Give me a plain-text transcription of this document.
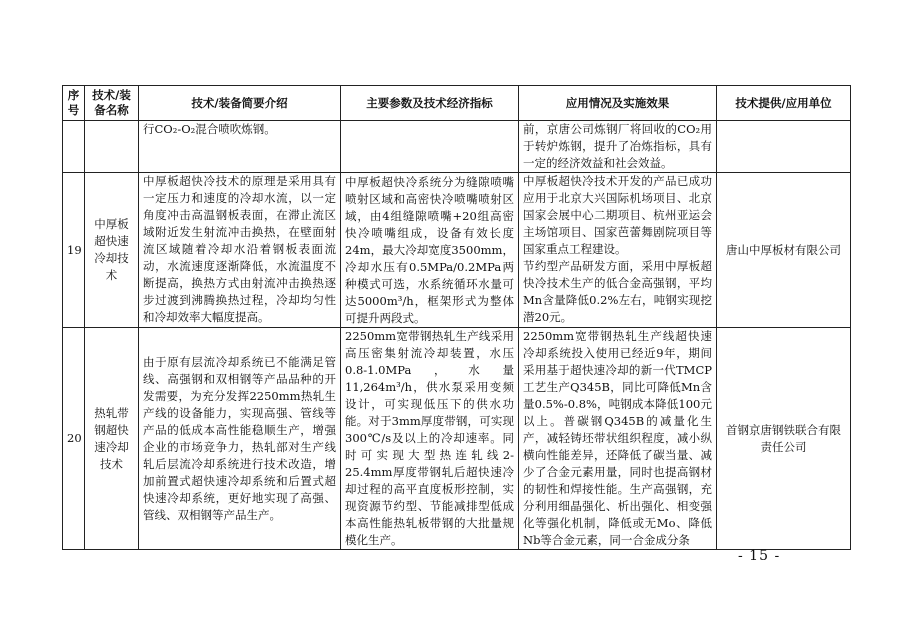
序号	技术/装备名称	技术/装备简要介绍	主要参数及技术经济指标	应用情况及实施效果	技术提供/应用单位
		行CO₂-O₂混合喷吹炼钢。		前，京唐公司炼钢厂将回收的CO₂用于转炉炼钢，提升了冶炼指标，具有一定的经济效益和社会效益。	
19	中厚板超快速冷却技术	中厚板超快冷技术的原理是采用具有一定压力和速度的冷却水流，以一定角度冲击高温钢板表面，在滞止流区域附近发生射流冲击换热，在壁面射流区域随着冷却水沿着钢板表面流动，水流速度逐渐降低，水流温度不断提高，换热方式由射流冲击换热逐步过渡到沸腾换热过程，冷却均匀性和冷却效率大幅度提高。	中厚板超快冷系统分为缝隙喷嘴喷射区域和高密快冷喷嘴喷射区域，由4组缝隙喷嘴+20组高密快冷喷嘴组成，设备有效长度24m，最大冷却宽度3500mm，冷却水压有0.5MPa/0.2MPa两种模式可选，水系统循环水量可达5000m³/h，框架形式为整体可提升两段式。	中厚板超快冷技术开发的产品已成功应用于北京大兴国际机场项目、北京国家会展中心二期项目、杭州亚运会主场馆项目、国家芭蕾舞剧院项目等国家重点工程建设。
节约型产品研发方面，采用中厚板超快冷技术生产的低合金高强钢，平均Mn含量降低0.2%左右，吨钢实现挖潜20元。	唐山中厚板材有限公司
20	热轧带钢超快速冷却技术	由于原有层流冷却系统已不能满足管线、高强钢和双相钢等产品品种的开发需要，为充分发挥2250mm热轧生产线的设备能力，实现高强、管线等产品的低成本高性能稳顺生产，增强企业的市场竞争力，热轧部对生产线轧后层流冷却系统进行技术改造，增加前置式超快速冷却系统和后置式超快速冷却系统，更好地实现了高强、管线、双相钢等产品生产。	2250mm宽带钢热轧生产线采用高压密集射流冷却装置，水压0.8-1.0MPa，水量11,264m³/h，供水泵采用变频设计，可实现低压下的供水功能。对于3mm厚度带钢，可实现300℃/s及以上的冷却速率。同时可实现大型热连轧线2-25.4mm厚度带钢轧后超快速冷却过程的高平直度板形控制，实现资源节约型、节能减排型低成本高性能热轧板带钢的大批量规模化生产。	2250mm宽带钢热轧生产线超快速冷却系统投入使用已经近9年，期间采用基于超快速冷却的新一代TMCP工艺生产Q345B，同比可降低Mn含量0.5%-0.8%，吨钢成本降低100元以上。普碳钢Q345B的减量化生产，减轻铸坯带状组织程度，减小纵横向性能差异，还降低了碳当量、减少了合金元素用量，同时也提高钢材的韧性和焊接性能。生产高强钢，充分利用细晶强化、析出强化、相变强化等强化机制，降低或无Mo、降低Nb等合金元素，同一合金成分条	首钢京唐钢铁联合有限责任公司
- 15 -
